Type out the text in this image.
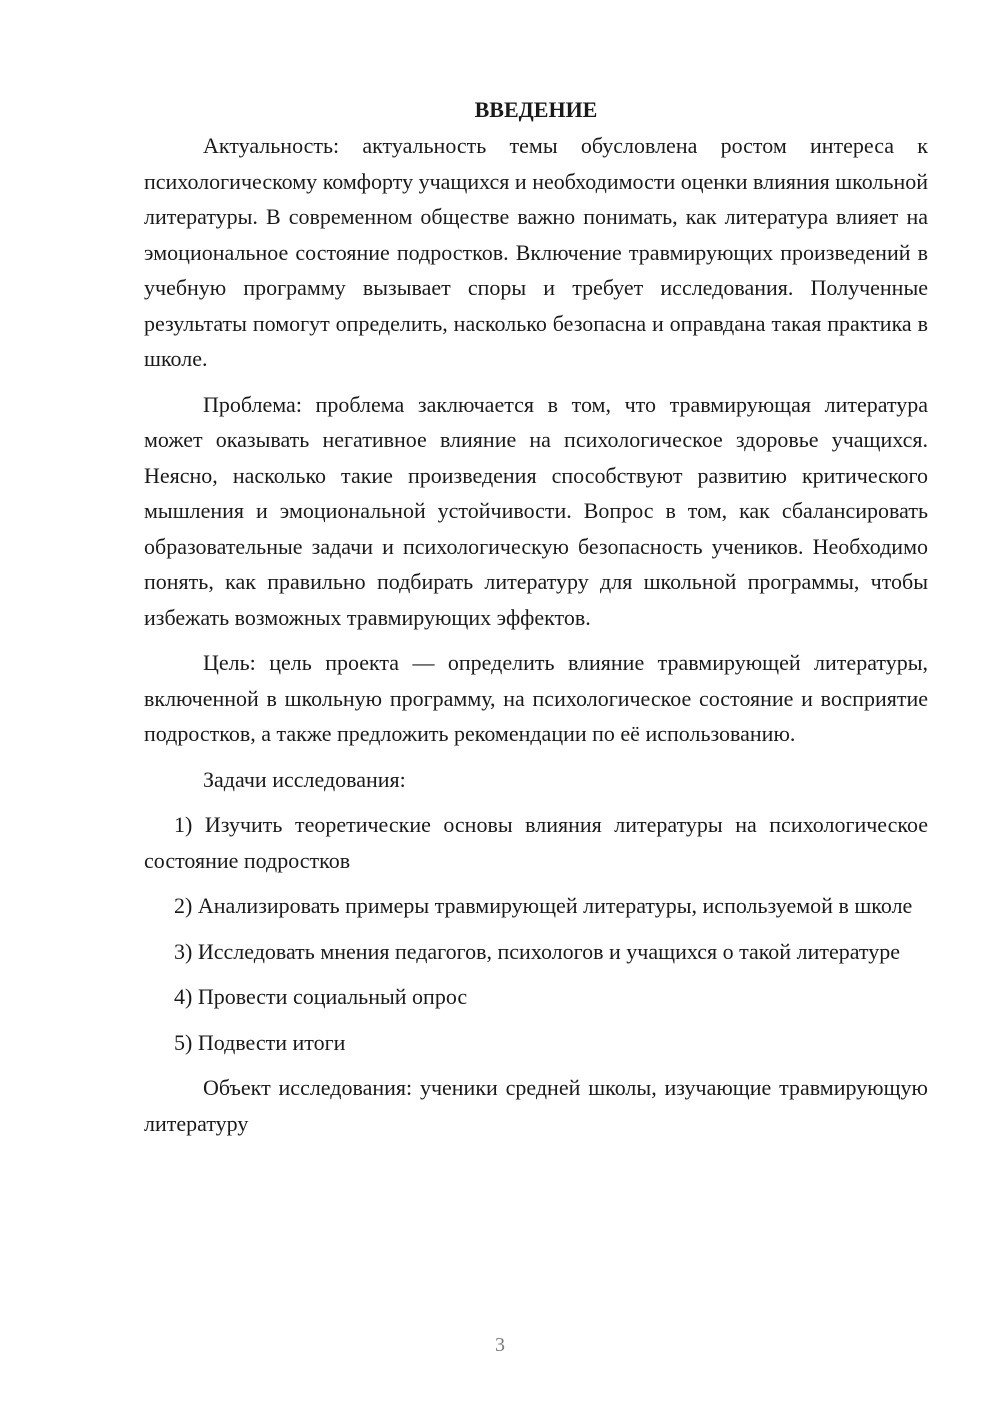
ВВЕДЕНИЕ

Актуальность: актуальность темы обусловлена ростом интереса к психологическому комфорту учащихся и необходимости оценки влияния школьной литературы. В современном обществе важно понимать, как литература влияет на эмоциональное состояние подростков. Включение травмирующих произведений в учебную программу вызывает споры и требует исследования. Полученные результаты помогут определить, насколько безопасна и оправдана такая практика в школе.

Проблема: проблема заключается в том, что травмирующая литература может оказывать негативное влияние на психологическое здоровье учащихся. Неясно, насколько такие произведения способствуют развитию критического мышления и эмоциональной устойчивости. Вопрос в том, как сбалансировать образовательные задачи и психологическую безопасность учеников. Необходимо понять, как правильно подбирать литературу для школьной программы, чтобы избежать возможных травмирующих эффектов.

Цель: цель проекта — определить влияние травмирующей литературы, включенной в школьную программу, на психологическое состояние и восприятие подростков, а также предложить рекомендации по её использованию.

Задачи исследования:

1) Изучить теоретические основы влияния литературы на психологическое состояние подростков

2) Анализировать примеры травмирующей литературы, используемой в школе

3) Исследовать мнения педагогов, психологов и учащихся о такой литературе

4) Провести социальный опрос

5) Подвести итоги

Объект исследования: ученики средней школы, изучающие травмирующую литературу

3
